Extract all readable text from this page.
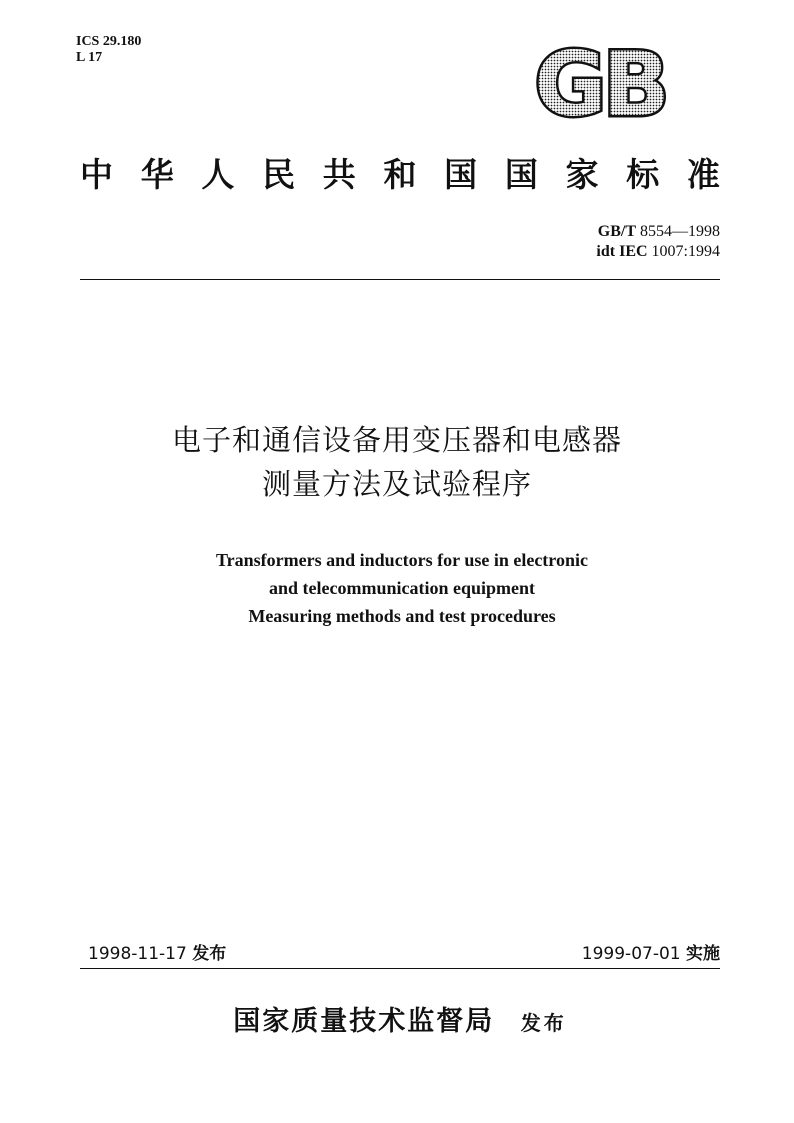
ICS 29.180
L 17	GB
中 华 人 民 共 和 国 国 家 标 准
GB/T 8554—1998
idt IEC 1007:1994
电子和通信设备用变压器和电感器
测量方法及试验程序
Transformers and inductors for use in electronic
and telecommunication equipment
Measuring methods and test procedures
1998-11-17 发布	1999-07-01 实施
国家质量技术监督局 发布
